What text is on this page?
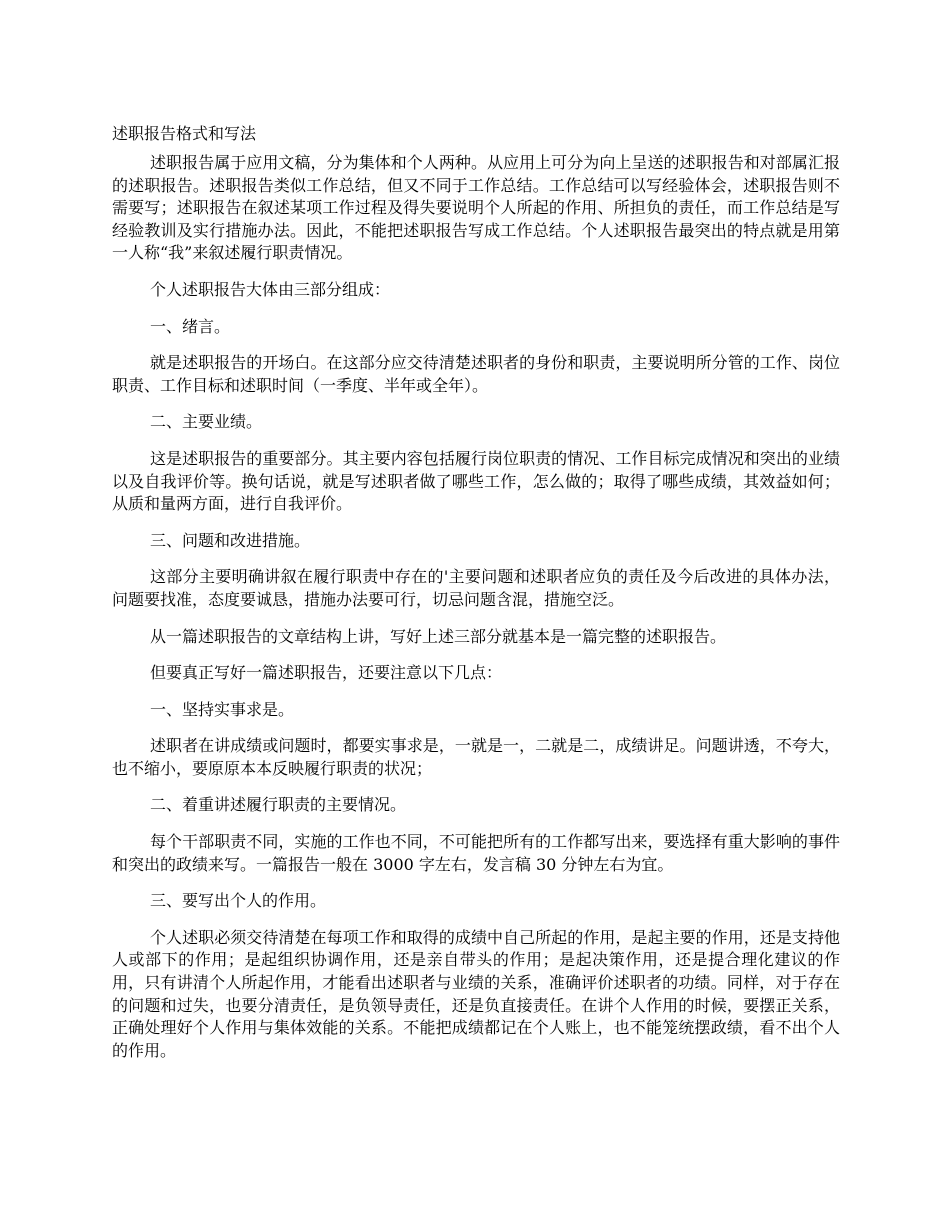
述职报告格式和写法

述职报告属于应用文稿，分为集体和个人两种。从应用上可分为向上呈送的述职报告和对部属汇报的述职报告。述职报告类似工作总结，但又不同于工作总结。工作总结可以写经验体会，述职报告则不需要写；述职报告在叙述某项工作过程及得失要说明个人所起的作用、所担负的责任，而工作总结是写经验教训及实行措施办法。因此，不能把述职报告写成工作总结。个人述职报告最突出的特点就是用第一人称“我”来叙述履行职责情况。

个人述职报告大体由三部分组成：

一、绪言。

就是述职报告的开场白。在这部分应交待清楚述职者的身份和职责，主要说明所分管的工作、岗位职责、工作目标和述职时间（一季度、半年或全年）。

二、主要业绩。

这是述职报告的重要部分。其主要内容包括履行岗位职责的情况、工作目标完成情况和突出的业绩以及自我评价等。换句话说，就是写述职者做了哪些工作，怎么做的；取得了哪些成绩，其效益如何；从质和量两方面，进行自我评价。

三、问题和改进措施。

这部分主要明确讲叙在履行职责中存在的'主要问题和述职者应负的责任及今后改进的具体办法，问题要找准，态度要诚恳，措施办法要可行，切忌问题含混，措施空泛。

从一篇述职报告的文章结构上讲，写好上述三部分就基本是一篇完整的述职报告。

但要真正写好一篇述职报告，还要注意以下几点：

一、坚持实事求是。

述职者在讲成绩或问题时，都要实事求是，一就是一，二就是二，成绩讲足。问题讲透，不夸大，也不缩小，要原原本本反映履行职责的状况；

二、着重讲述履行职责的主要情况。

每个干部职责不同，实施的工作也不同，不可能把所有的工作都写出来，要选择有重大影响的事件和突出的政绩来写。一篇报告一般在 3000 字左右，发言稿 30 分钟左右为宜。

三、要写出个人的作用。

个人述职必须交待清楚在每项工作和取得的成绩中自己所起的作用，是起主要的作用，还是支持他人或部下的作用；是起组织协调作用，还是亲自带头的作用；是起决策作用，还是提合理化建议的作用，只有讲清个人所起作用，才能看出述职者与业绩的关系，准确评价述职者的功绩。同样，对于存在的问题和过失，也要分清责任，是负领导责任，还是负直接责任。在讲个人作用的时候，要摆正关系，正确处理好个人作用与集体效能的关系。不能把成绩都记在个人账上，也不能笼统摆政绩，看不出个人的作用。
